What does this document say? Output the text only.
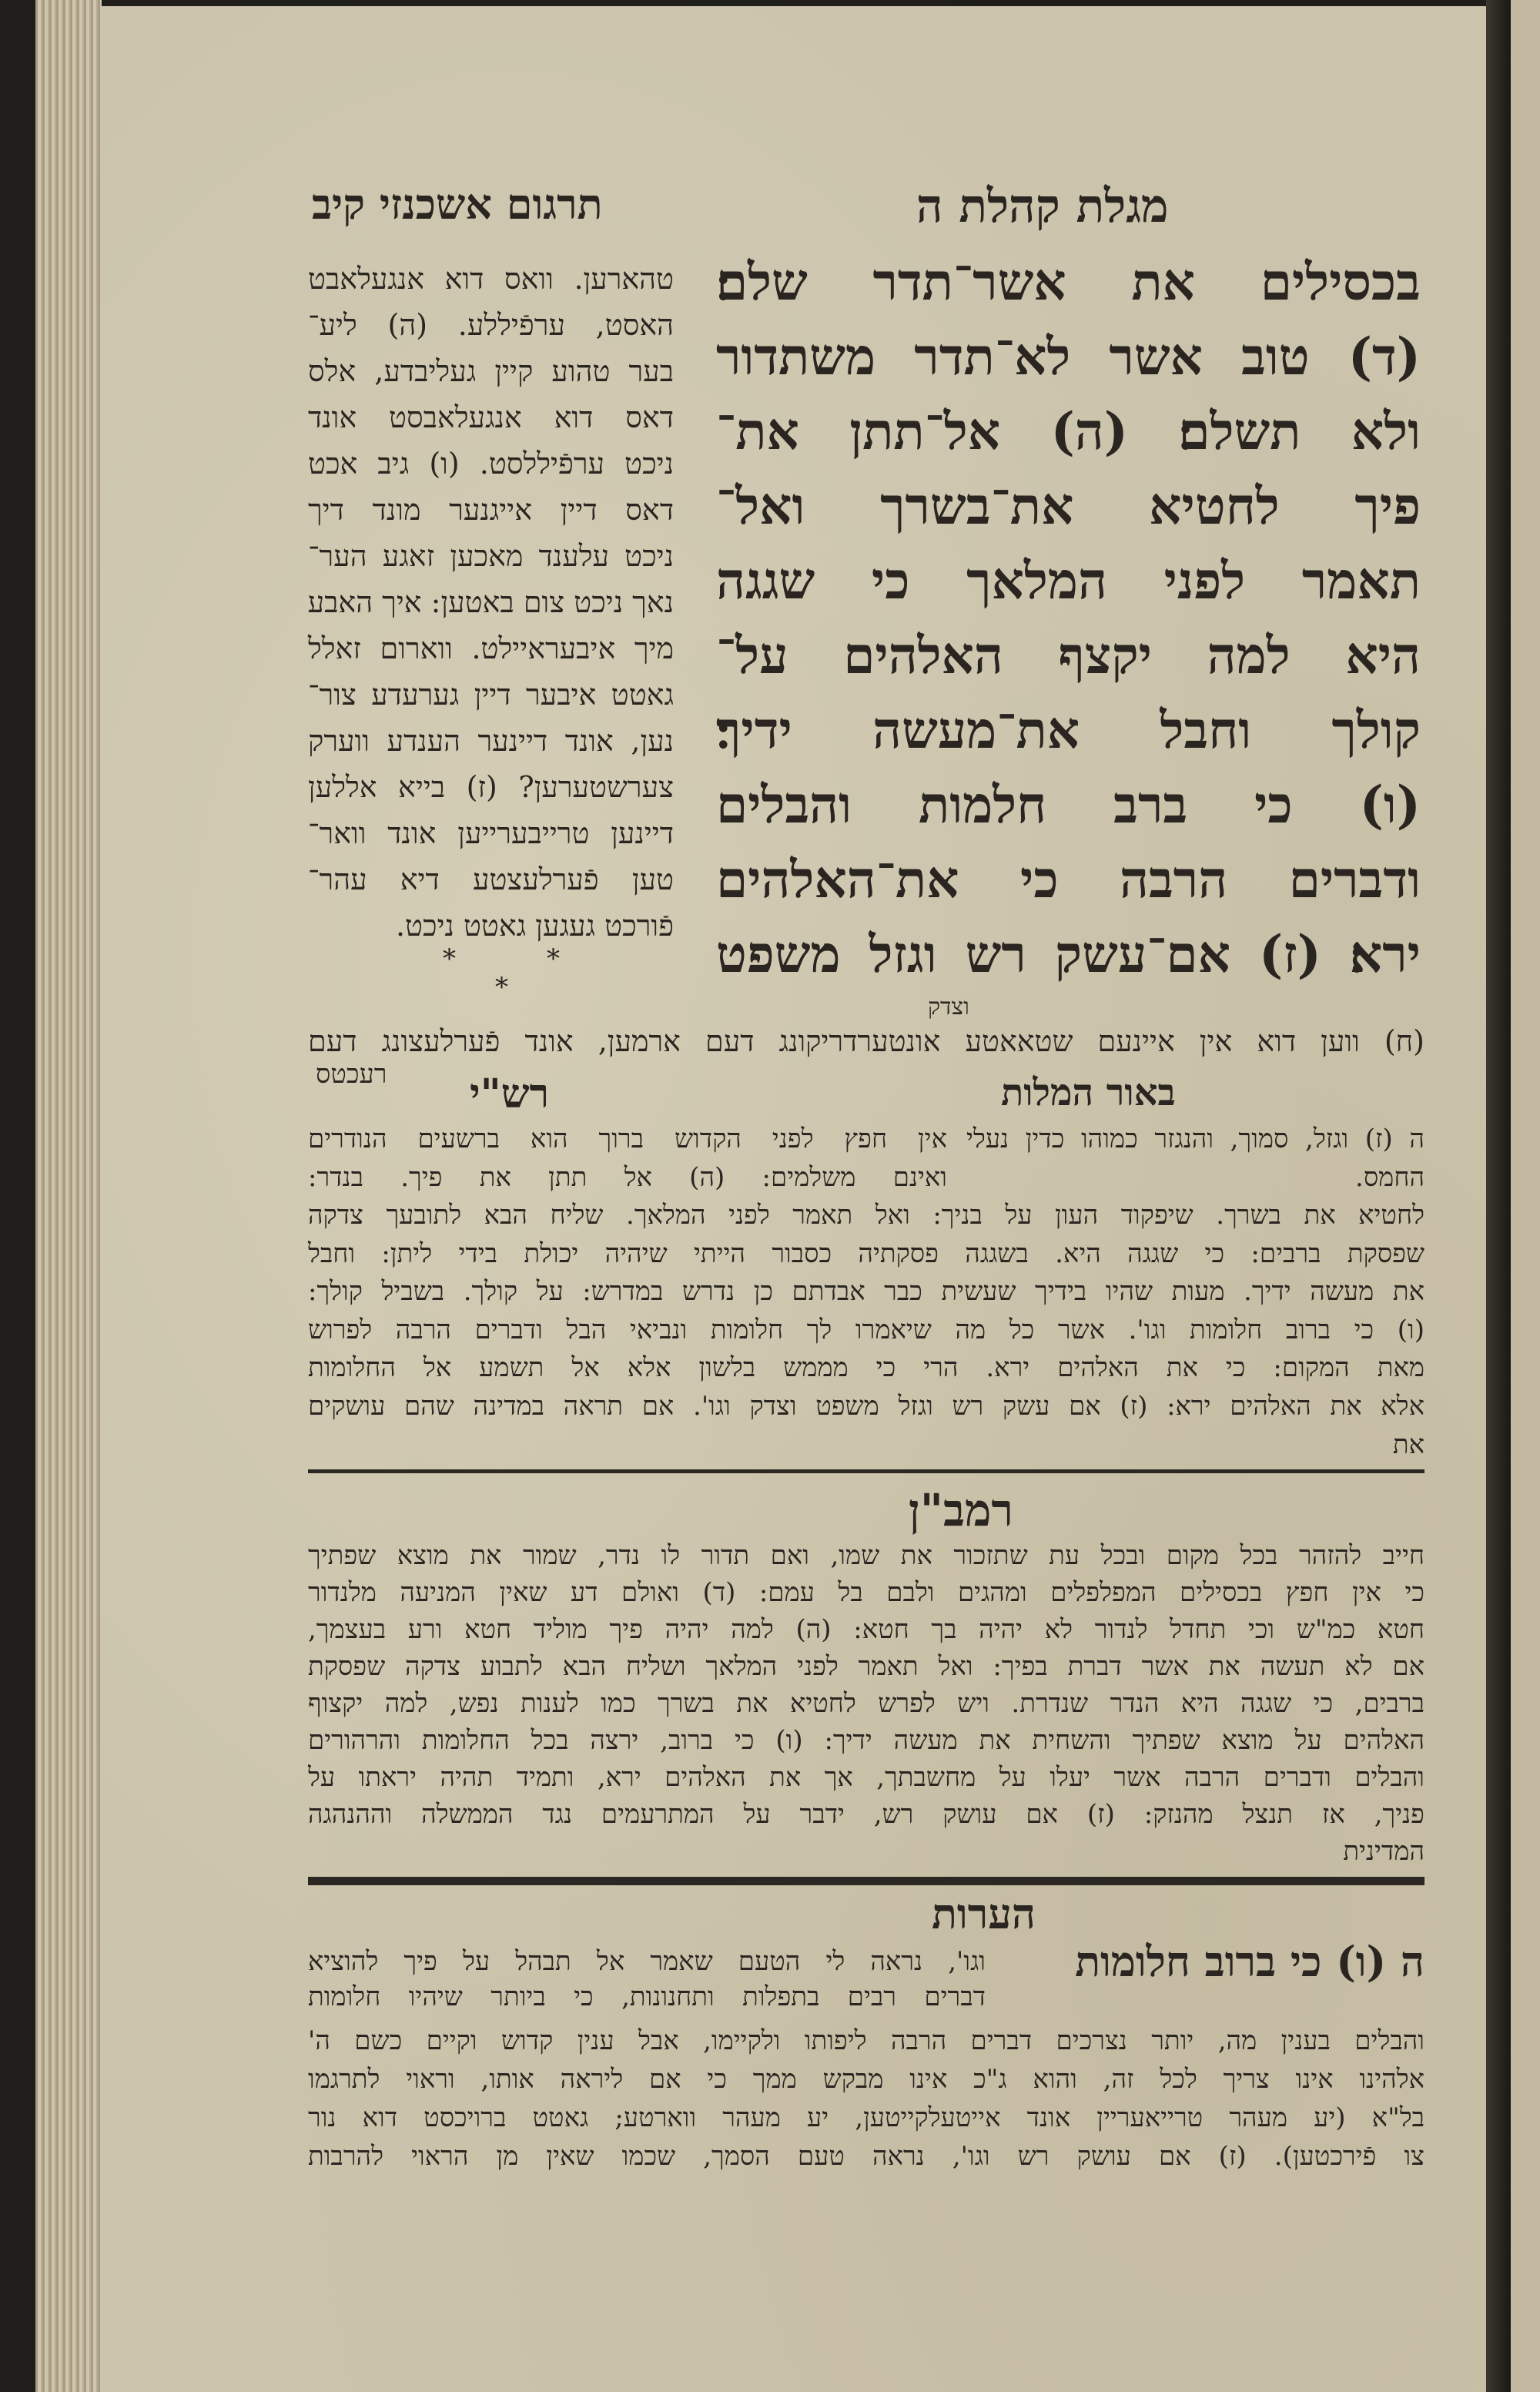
מגלת קהלת ה
תרגום אשכנזי קיב
בכסילים את אשר־תדר שלם׃
(ד) טוב אשר לא־תדר משתדור
ולא תשלם׃ (ה) אל־תתן את־
פיך לחטיא את־בשרך ואל־
תאמר לפני המלאך כי שגגה
היא למה יקצף האלהים על־
קולך וחבל את־מעשה ידיך׃
(ו) כי ברב חלמות והבלים
ודברים הרבה כי את־האלהים
ירא׃ (ז) אם־עשק רש וגזל משפט
וצדק
טהארען. וואס דוא אנגעלאבט
האסט, ערפֿיללע. (ה) ליע־
בער טהוע קיין געליבדע, אלס
דאס דוא אנגעלאבסט אונד
ניכט ערפֿיללסט. (ו) גיב אכט
דאס דיין אייגנער מונד דיך
ניכט עלענד מאכען זאגע הער־
נאך ניכט צום באטען: איך האבע
מיך איבעראיילט. ווארום זאלל
גאטט איבער דיין גערעדע צור־
נען, אונד דיינער הענדע ווערק
צערשטערען? (ז) בייא אללען
דיינען טרייבערייען אונד וואר־
טען פֿערלעצטע דיא עהר־
פֿורכט געגען גאטט ניכט.
*	*
*
(ח) ווען דוא אין איינעם שטאאטע אונטערדריקונג דעם ארמען, אונד פֿערלעצונג דעם
רעכטס	באור המלות
רש"י
ה (ז) וגזל, סמוך, והנגזר כמוהו כדין נעלי
החמס.
אין חפץ לפני הקדוש ברוך הוא ברשעים הנודרים
ואינם משלמים: (ה) אל תתן את פיך. בנדר:
לחטיא את בשרך. שיפקוד העון על בניך: ואל תאמר לפני המלאך. שליח הבא לתובעך צדקה
שפסקת ברבים: כי שגגה היא. בשגגה פסקתיה כסבור הייתי שיהיה יכולת בידי ליתן: וחבל
את מעשה ידיך. מעות שהיו בידיך שעשית כבר אבדתם כן נדרש במדרש: על קולך. בשביל קולך:
(ו) כי ברוב חלומות וגו'. אשר כל מה שיאמרו לך חלומות ונביאי הבל ודברים הרבה לפרוש
מאת המקום: כי את האלהים ירא. הרי כי מממש בלשון אלא אל תשמע אל החלומות
אלא את האלהים ירא: (ז) אם עשק רש וגזל משפט וצדק וגו'. אם תראה במדינה שהם עושקים
את
רמב"ן
חייב להזהר בכל מקום ובכל עת שתזכור את שמו, ואם תדור לו נדר, שמור את מוצא שפתיך
כי אין חפץ בכסילים המפלפלים ומהגים ולבם בל עמם: (ד) ואולם דע שאין המניעה מלנדור
חטא כמ"ש וכי תחדל לנדור לא יהיה בך חטא: (ה) למה יהיה פיך מוליד חטא ורע בעצמך,
אם לא תעשה את אשר דברת בפיך: ואל תאמר לפני המלאך ושליח הבא לתבוע צדקה שפסקת
ברבים, כי שגגה היא הנדר שנדרת. ויש לפרש לחטיא את בשרך כמו לענות נפש, למה יקצוף
האלהים על מוצא שפתיך והשחית את מעשה ידיך: (ו) כי ברוב, ירצה בכל החלומות והרהורים
והבלים ודברים הרבה אשר יעלו על מחשבתך, אך את האלהים ירא, ותמיד תהיה יראתו על
פניך, אז תנצל מהנזק: (ז) אם עושק רש, ידבר על המתרעמים נגד הממשלה וההנהגה
המדינית
הערות
ה (ו) כי ברוב חלומות
וגו', נראה לי הטעם שאמר אל תבהל על פיך להוציא
דברים רבים בתפלות ותחנונות, כי ביותר שיהיו חלומות
והבלים בענין מה, יותר נצרכים דברים הרבה ליפותו ולקיימו, אבל ענין קדוש וקיים כשם ה'
אלהינו אינו צריך לכל זה, והוא ג"כ אינו מבקש ממך כי אם ליראה אותו, וראוי לתרגמו
בל"א (יע מעהר טרייאעריין אונד אייטעלקייטען, יע מעהר ווארטע; גאטט ברויכסט דוא נור
צו פֿירכטען). (ז) אם עושק רש וגו', נראה טעם הסמך, שכמו שאין מן הראוי להרבות
